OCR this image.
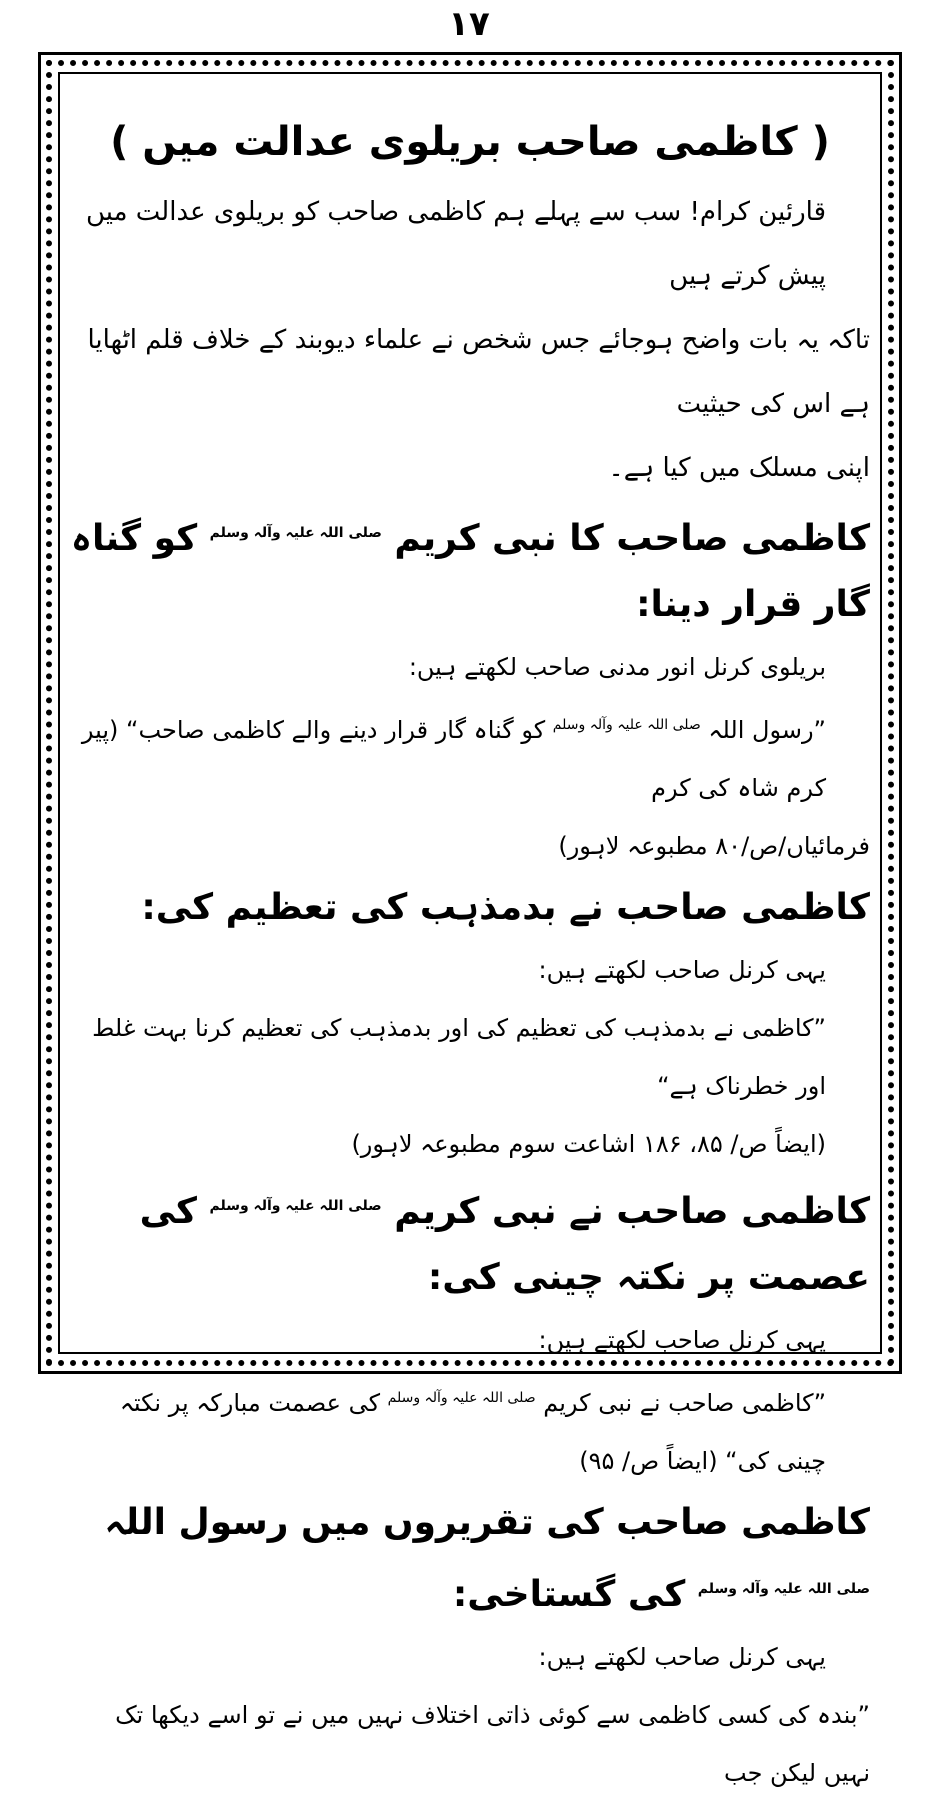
۱۷

( کاظمی صاحب بریلوی عدالت میں )

قارئین کرام! سب سے پہلے ہم کاظمی صاحب کو بریلوی عدالت میں پیش کرتے ہیں

تاکہ یہ بات واضح ہوجائے جس شخص نے علماء دیوبند کے خلاف قلم اٹھایا ہے اس کی حیثیت

اپنی مسلک میں کیا ہے۔

کاظمی صاحب کا نبی کریم $^{صلی اللہ علیہ وآلہ وسلم}$ کو گناہ گار قرار دینا:

بریلوی کرنل انور مدنی صاحب لکھتے ہیں:

”رسول اللہ $^{صلی اللہ علیہ وآلہ وسلم}$ کو گناہ گار قرار دینے والے کاظمی صاحب“ (پیر کرم شاہ کی کرم

فرمائیاں/ص/۸۰ مطبوعہ لاہور)

کاظمی صاحب نے بدمذہب کی تعظیم کی:

یہی کرنل صاحب لکھتے ہیں:

”کاظمی نے بدمذہب کی تعظیم کی اور بدمذہب کی تعظیم کرنا بہت غلط اور خطرناک ہے“

(ایضاً ص/ ۸۵، ۱۸۶ اشاعت سوم مطبوعہ لاہور)

کاظمی صاحب نے نبی کریم $^{صلی اللہ علیہ وآلہ وسلم}$ کی عصمت پر نکتہ چینی کی:

یہی کرنل صاحب لکھتے ہیں:

”کاظمی صاحب نے نبی کریم $^{صلی اللہ علیہ وآلہ وسلم}$ کی عصمت مبارکہ پر نکتہ چینی کی“ (ایضاً ص/ ۹۵)

کاظمی صاحب کی تقریروں میں رسول اللہ $^{صلی اللہ علیہ وآلہ وسلم}$ کی گستاخی:

یہی کرنل صاحب لکھتے ہیں:

”بندہ کی کسی کاظمی سے کوئی ذاتی اختلاف نہیں میں نے تو اسے دیکھا تک نہیں لیکن جب
